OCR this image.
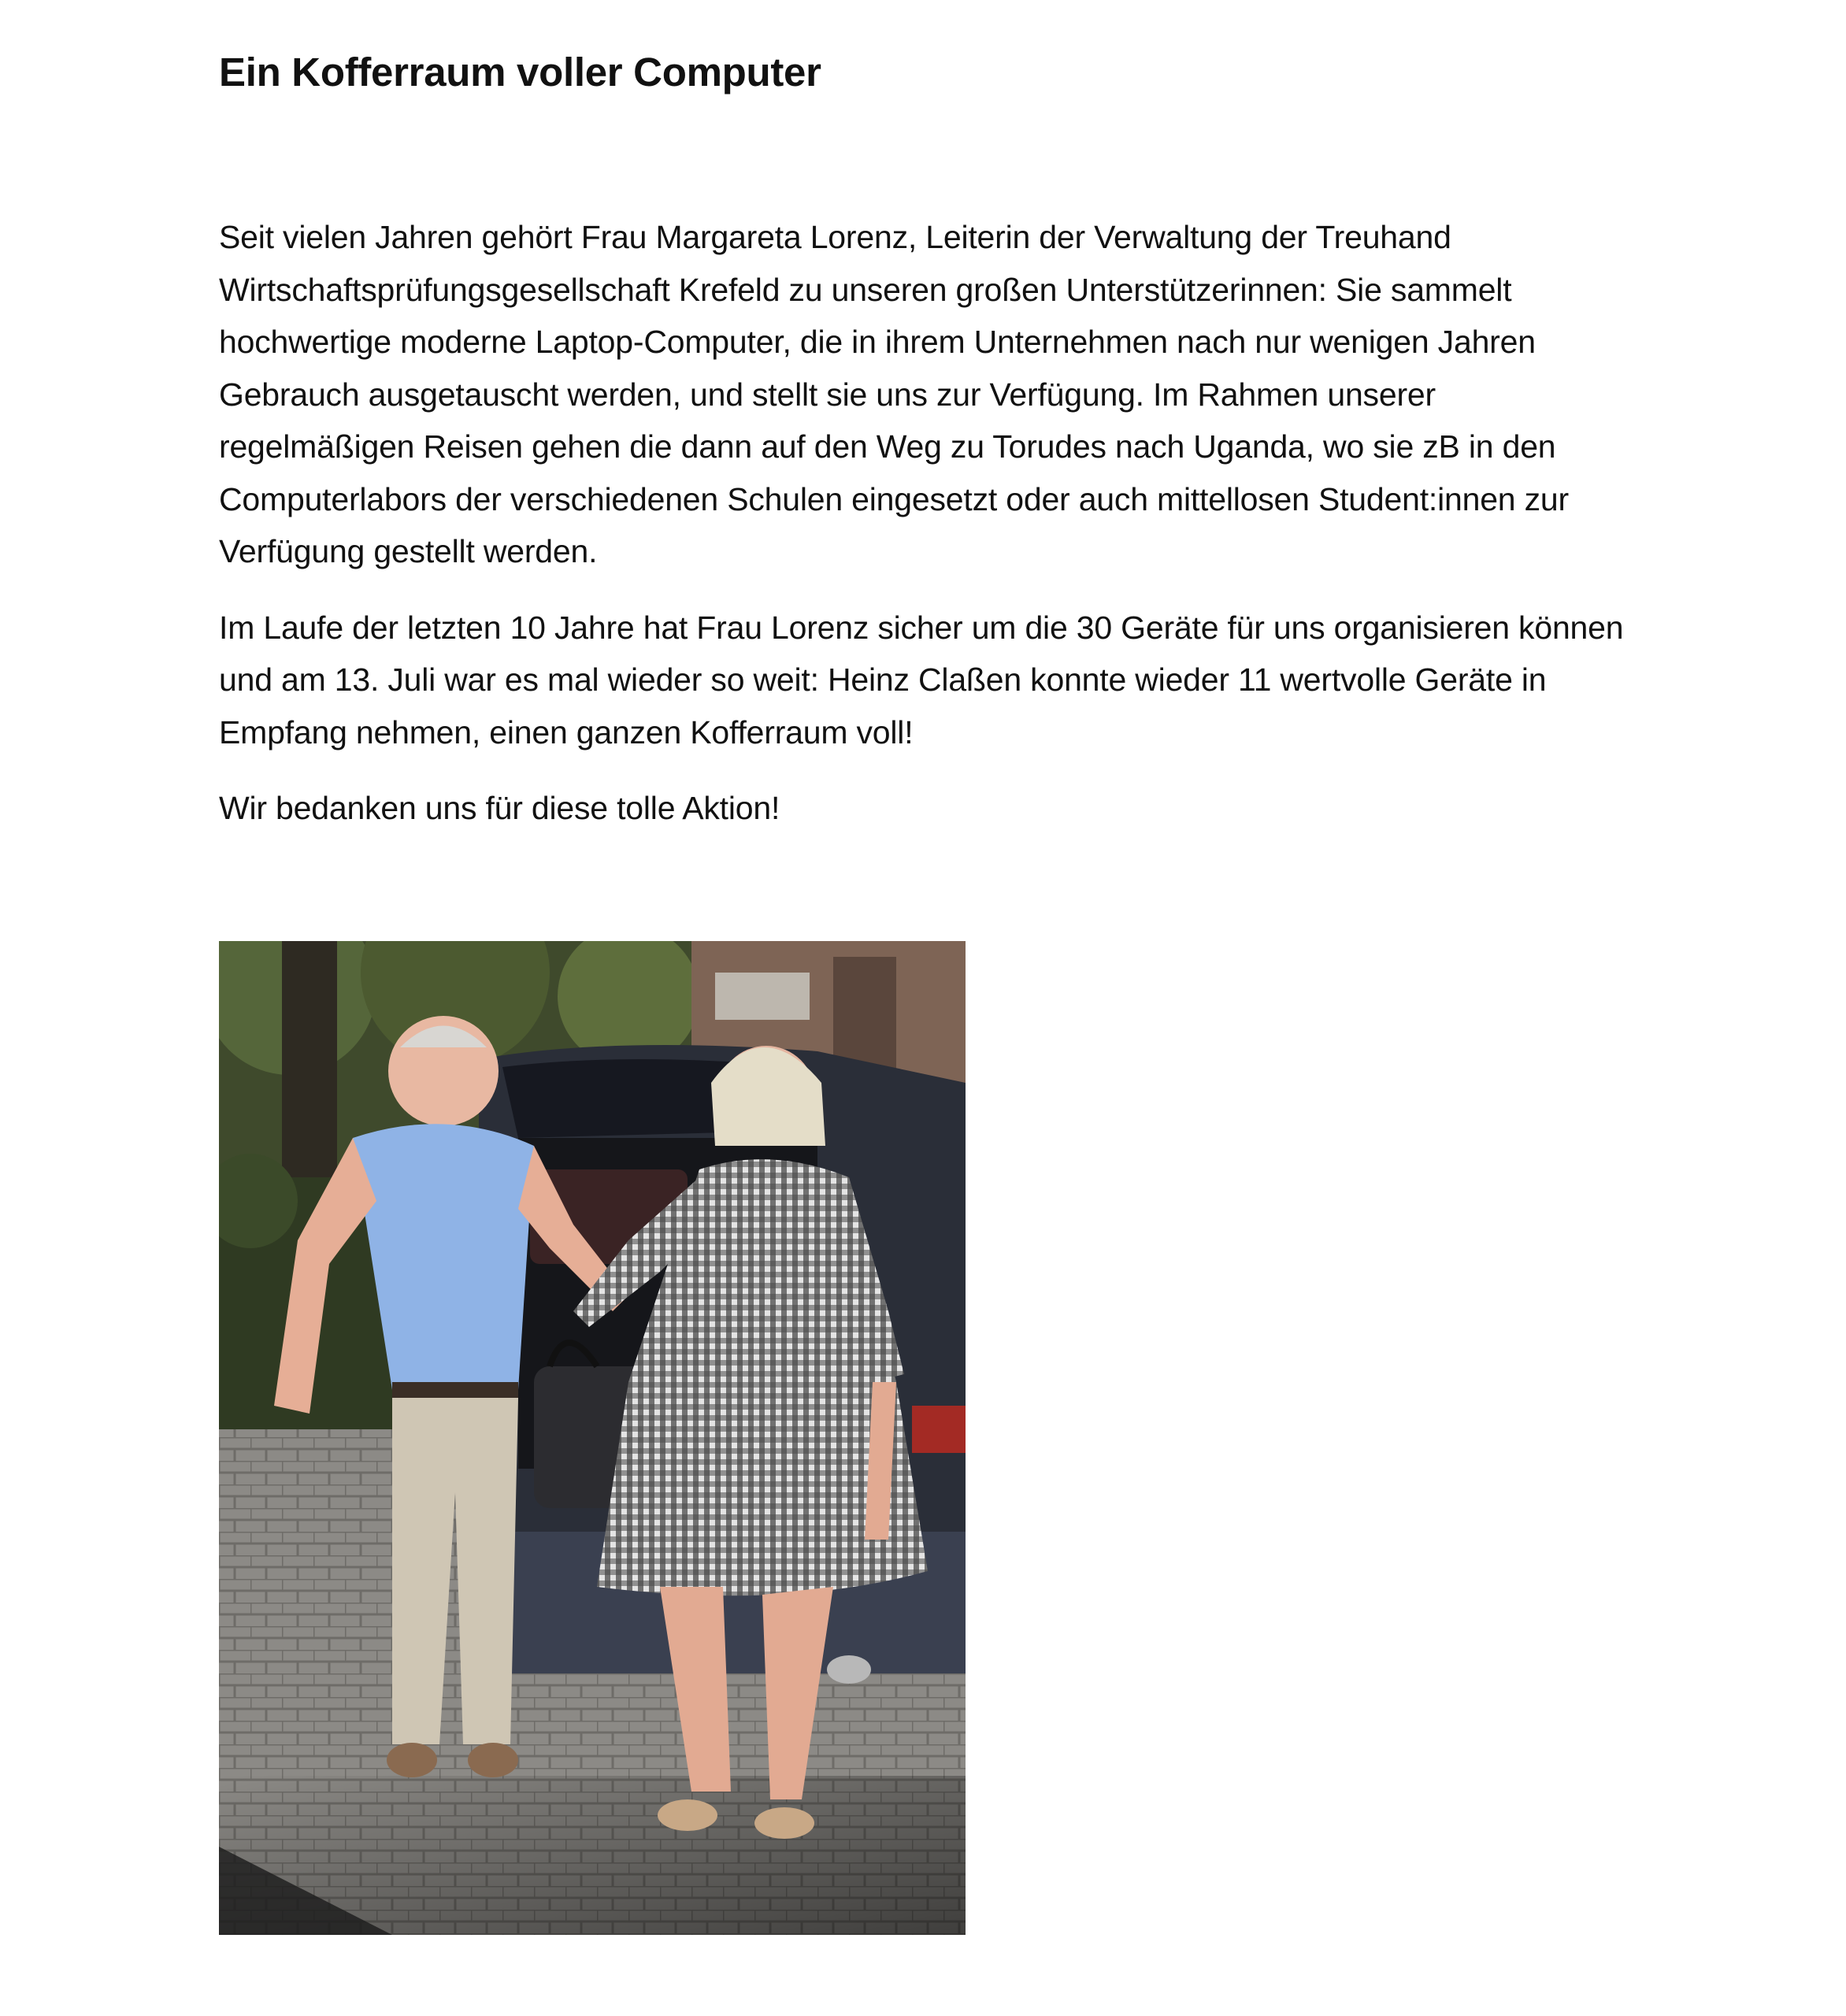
Ein Kofferraum voller Computer

Seit vielen Jahren gehört Frau Margareta Lorenz, Leiterin der Verwaltung der Treuhand Wirtschaftsprüfungsgesellschaft Krefeld zu unseren großen Unterstützerinnen: Sie sammelt hochwertige moderne Laptop-Computer, die in ihrem Unternehmen nach nur wenigen Jahren Gebrauch ausgetauscht werden, und stellt sie uns zur Verfügung. Im Rahmen unserer regelmäßigen Reisen gehen die dann auf den Weg zu Torudes nach Uganda, wo sie zB in den Computerlabors der verschiedenen Schulen eingesetzt oder auch mittellosen Student:innen zur Verfügung gestellt werden.

Im Laufe der letzten 10 Jahre hat Frau Lorenz sicher um die 30 Geräte für uns organisieren können und am 13. Juli war es mal wieder so weit: Heinz Claßen konnte wieder 11 wertvolle Geräte in Empfang nehmen, einen ganzen Kofferraum voll!

Wir bedanken uns für diese tolle Aktion!
